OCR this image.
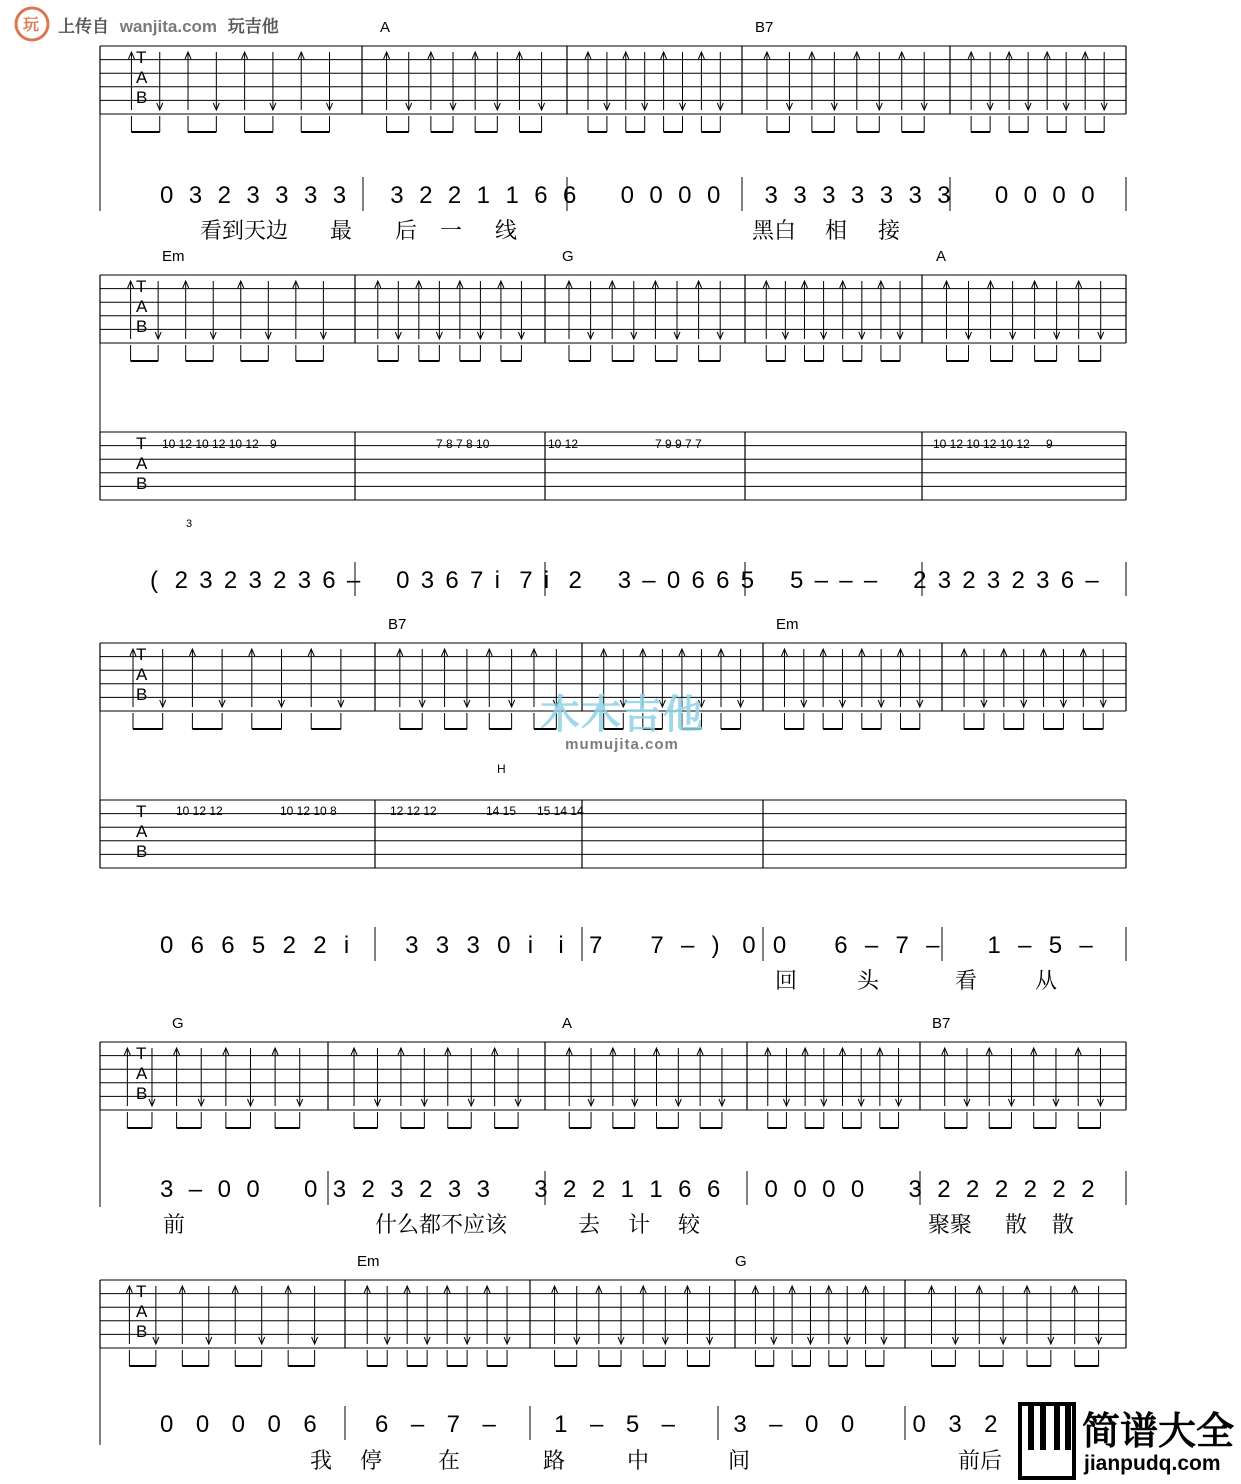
T
A
B
A	B7
0 3 2 3 3 3 3 3 2 2 1 1 6 6 0 0 0 0 3 3 3 3 3 3 3 0 0 0 0
看到天边 最 后 一 线	黑白 相 接
T
A
B
Em	G	A
T
A
B
10 12 10 12 10 12 9	7 8 7 8 10	10 12	7 9 9 7 7	10 12 10 12 10 12 9
3
( 2 3 2 3 2 3 6 – 0 3 6 7 i 7 i 2 3 – 0 6 6 5 5 – – – 2 3 2 3 2 3 6 –
T
A
B
B7	Em
T
A
B
10 12 12	10 12 10 8	12 12 12	14 15 15 14 14
H
0 6 6 5 2 2 i 3 3 3 0 i i 7 7 – ) 0 0 6 – 7 – 1 – 5 –
回	头	看	从
T
A
B
G	A	B7
3 – 0 0 0 3 2 3 2 3 3 3 2 2 1 1 6 6 0 0 0 0 3 2 2 2 2 2 2
前	什么都不应该	去 计 较	聚聚 散 散
T
A
B
Em	G
0 0 0 0 6 6 – 7 – 1 – 5 – 3 – 0 0 0 3 2
我 停	在	路	中	间	前后
玩 上传自 wanjita.com 玩吉他
木木吉他
mumujita.com
简谱大全
jianpudq.com
